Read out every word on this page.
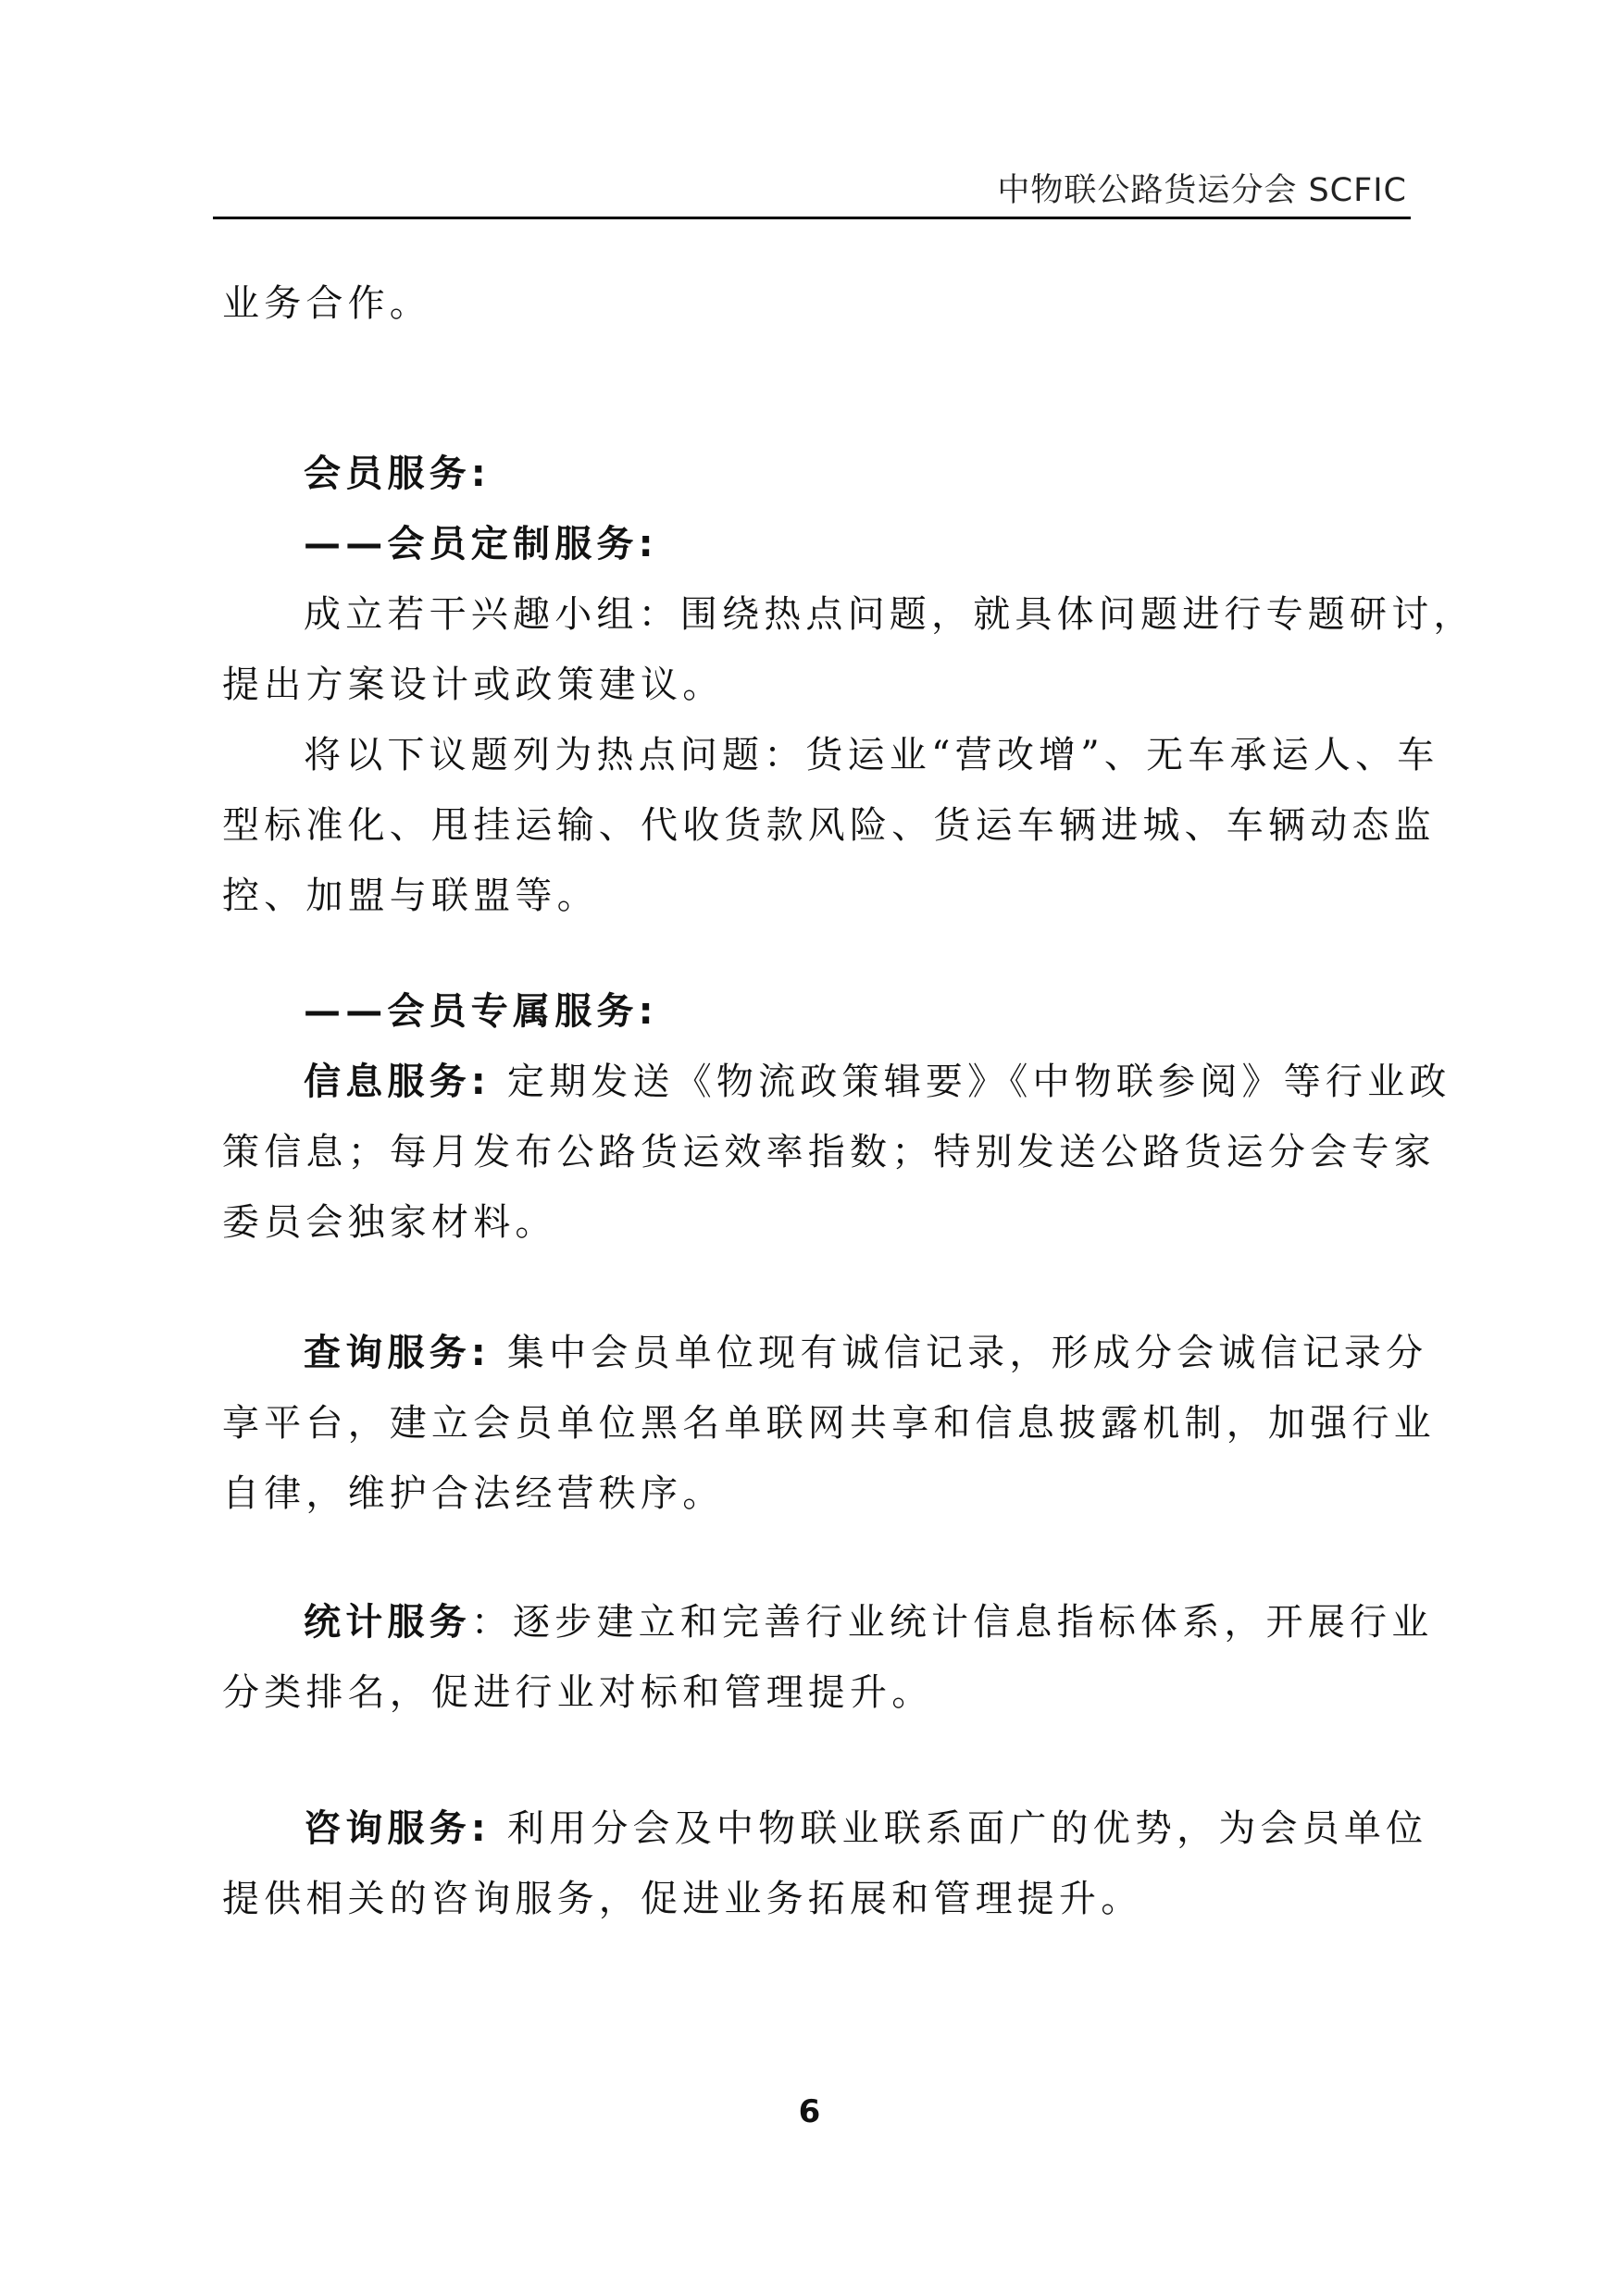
中物联公路货运分会 SCFIC
业务合作。
会员服务:
——会员定制服务:
成立若干兴趣小组：围绕热点问题，就具体问题进行专题研讨，
提出方案设计或政策建议。
将以下议题列为热点问题：货运业“营改增”、无车承运人、车
型标准化、甩挂运输、代收货款风险、货运车辆进城、车辆动态监
控、加盟与联盟等。
——会员专属服务:
信息服务: 定期发送《物流政策辑要》《中物联参阅》等行业政
策信息；每月发布公路货运效率指数；特别发送公路货运分会专家
委员会独家材料。
查询服务: 集中会员单位现有诚信记录，形成分会诚信记录分
享平台，建立会员单位黑名单联网共享和信息披露机制，加强行业
自律，维护合法经营秩序。
统计服务：逐步建立和完善行业统计信息指标体系，开展行业
分类排名，促进行业对标和管理提升。
咨询服务: 利用分会及中物联业联系面广的优势，为会员单位
提供相关的咨询服务，促进业务拓展和管理提升。
6
